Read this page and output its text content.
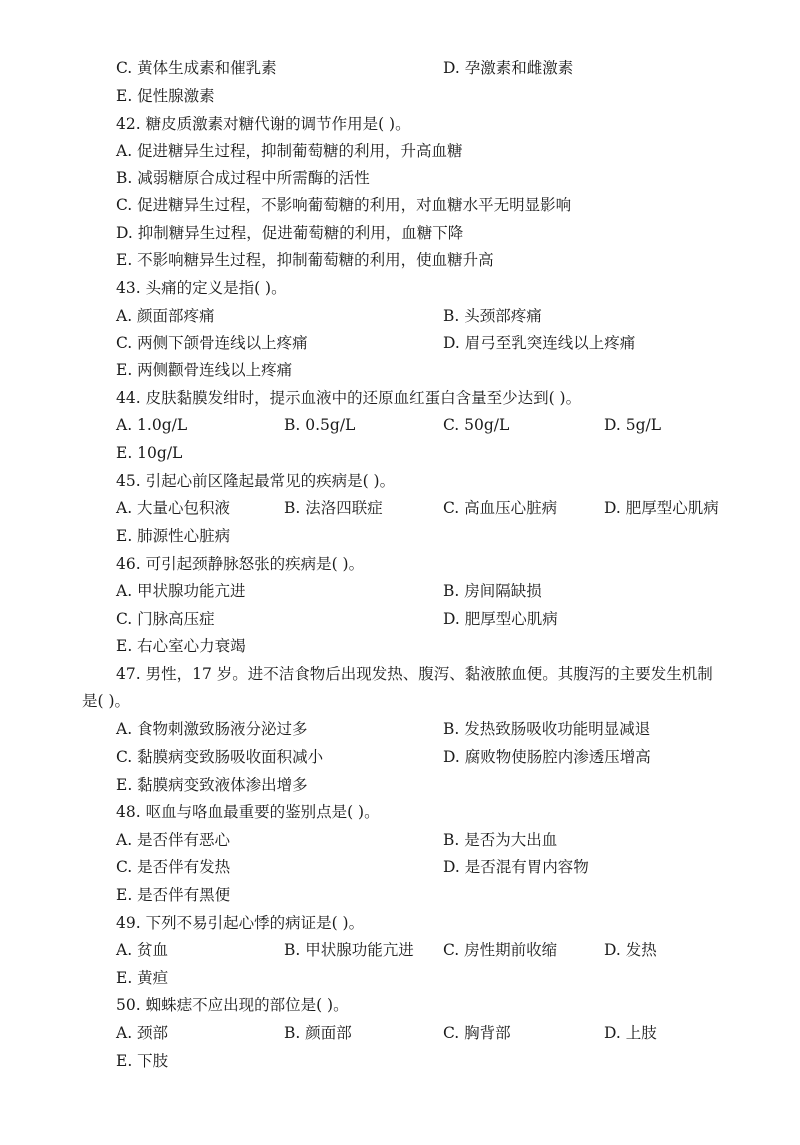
C. 黄体生成素和催乳素	D. 孕激素和雌激素
E. 促性腺激素
42. 糖皮质激素对糖代谢的调节作用是( )。
A. 促进糖异生过程，抑制葡萄糖的利用，升高血糖
B. 减弱糖原合成过程中所需酶的活性
C. 促进糖异生过程，不影响葡萄糖的利用，对血糖水平无明显影响
D. 抑制糖异生过程，促进葡萄糖的利用，血糖下降
E. 不影响糖异生过程，抑制葡萄糖的利用，使血糖升高
43. 头痛的定义是指( )。
A. 颜面部疼痛	B. 头颈部疼痛
C. 两侧下颌骨连线以上疼痛	D. 眉弓至乳突连线以上疼痛
E. 两侧颧骨连线以上疼痛
44. 皮肤黏膜发绀时，提示血液中的还原血红蛋白含量至少达到( )。
A. 1.0g/L	B. 0.5g/L	C. 50g/L	D. 5g/L
E. 10g/L
45. 引起心前区隆起最常见的疾病是( )。
A. 大量心包积液	B. 法洛四联症	C. 高血压心脏病	D. 肥厚型心肌病
E. 肺源性心脏病
46. 可引起颈静脉怒张的疾病是( )。
A. 甲状腺功能亢进	B. 房间隔缺损
C. 门脉高压症	D. 肥厚型心肌病
E. 右心室心力衰竭
47. 男性，17 岁。进不洁食物后出现发热、腹泻、黏液脓血便。其腹泻的主要发生机制
是( )。
A. 食物刺激致肠液分泌过多	B. 发热致肠吸收功能明显减退
C. 黏膜病变致肠吸收面积减小	D. 腐败物使肠腔内渗透压增高
E. 黏膜病变致液体渗出增多
48. 呕血与咯血最重要的鉴别点是( )。
A. 是否伴有恶心	B. 是否为大出血
C. 是否伴有发热	D. 是否混有胃内容物
E. 是否伴有黑便
49. 下列不易引起心悸的病证是( )。
A. 贫血	B. 甲状腺功能亢进 C. 房性期前收缩	D. 发热
E. 黄疸
50. 蜘蛛痣不应出现的部位是( )。
A. 颈部	B. 颜面部	C. 胸背部	D. 上肢
E. 下肢
